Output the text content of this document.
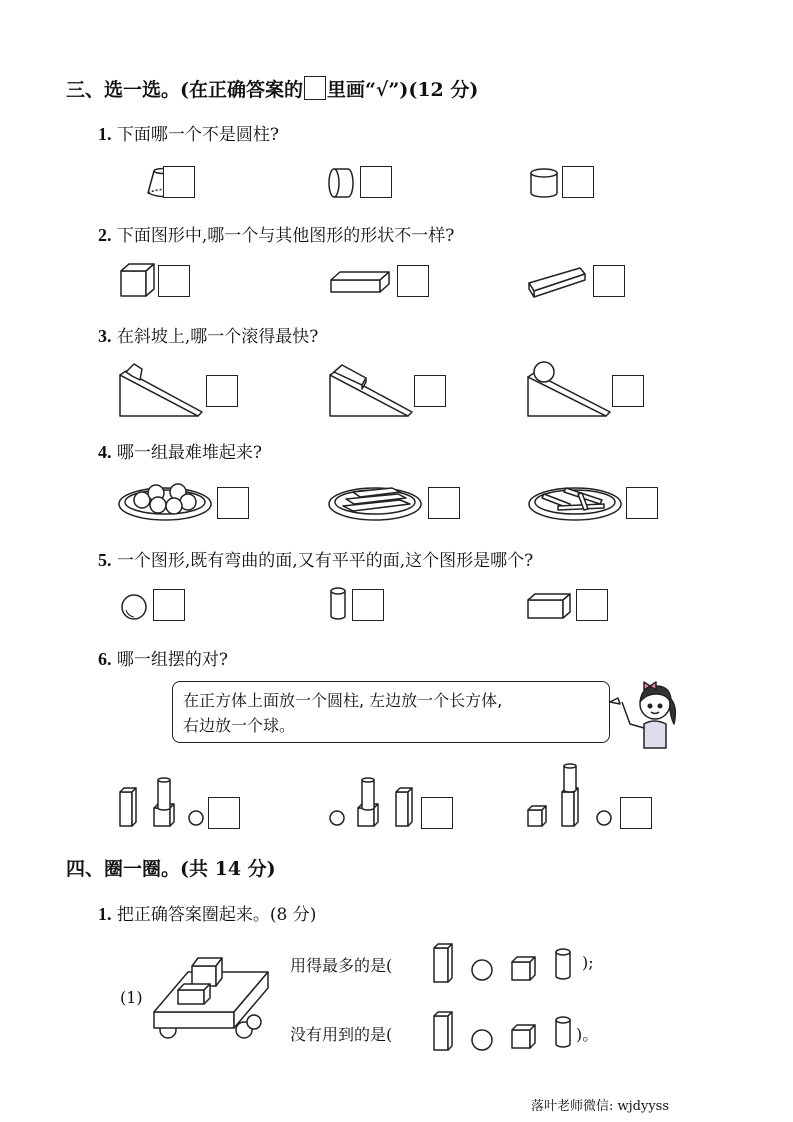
三、选一选。(在正确答案的 里画“√”)(12 分)
1. 下面哪一个不是圆柱?
2. 下面图形中,哪一个与其他图形的形状不一样?
3. 在斜坡上,哪一个滚得最快?
4. 哪一组最难堆起来?
5. 一个图形,既有弯曲的面,又有平平的面,这个图形是哪个?
6. 哪一组摆的对?
在正方体上面放一个圆柱, 左边放一个长方体,
右边放一个球。
四、圈一圈。(共 14 分)
1. 把正确答案圈起来。(8 分)
(1)
用得最多的是(	);
没有用到的是(	)。
落叶老师微信: wjdyyss
